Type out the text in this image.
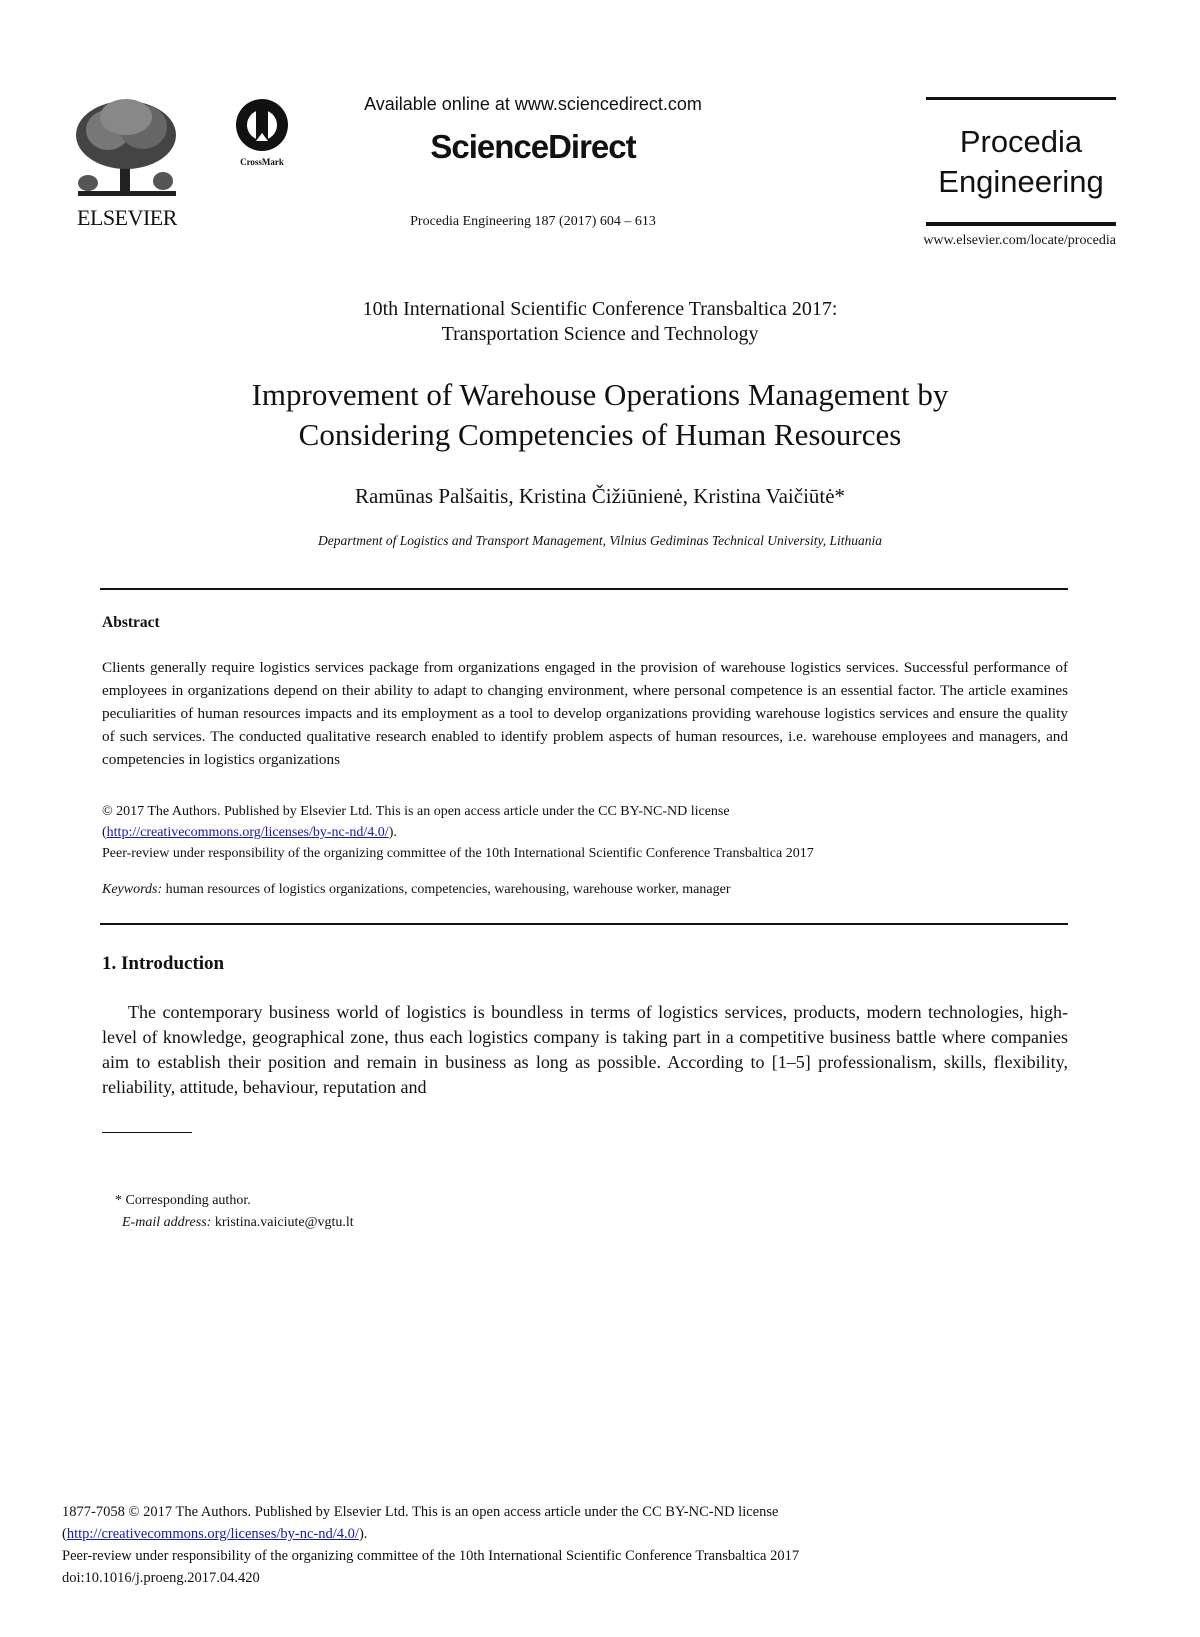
ELSEVIER
CrossMark
Available online at www.sciencedirect.com
ScienceDirect
Procedia Engineering 187 (2017) 604 – 613
Procedia
Engineering
www.elsevier.com/locate/procedia
10th International Scientific Conference Transbaltica 2017:
Transportation Science and Technology
Improvement of Warehouse Operations Management by
Considering Competencies of Human Resources
Ramūnas Palšaitis, Kristina Čižiūnienė, Kristina Vaičiūtė*
Department of Logistics and Transport Management, Vilnius Gediminas Technical University, Lithuania
Abstract
Clients generally require logistics services package from organizations engaged in the provision of warehouse logistics services. Successful performance of employees in organizations depend on their ability to adapt to changing environment, where personal competence is an essential factor. The article examines peculiarities of human resources impacts and its employment as a tool to develop organizations providing warehouse logistics services and ensure the quality of such services. The conducted qualitative research enabled to identify problem aspects of human resources, i.e. warehouse employees and managers, and competencies in logistics organizations
© 2017 The Authors. Published by Elsevier Ltd. This is an open access article under the CC BY-NC-ND license
(http://creativecommons.org/licenses/by-nc-nd/4.0/).
Peer-review under responsibility of the organizing committee of the 10th International Scientific Conference Transbaltica 2017
Keywords: human resources of logistics organizations, competencies, warehousing, warehouse worker, manager
1. Introduction
The contemporary business world of logistics is boundless in terms of logistics services, products, modern technologies, high-level of knowledge, geographical zone, thus each logistics company is taking part in a competitive business battle where companies aim to establish their position and remain in business as long as possible. According to [1–5] professionalism, skills, flexibility, reliability, attitude, behaviour, reputation and
* Corresponding author.
E-mail address: kristina.vaiciute@vgtu.lt
1877-7058 © 2017 The Authors. Published by Elsevier Ltd. This is an open access article under the CC BY-NC-ND license
(http://creativecommons.org/licenses/by-nc-nd/4.0/).
Peer-review under responsibility of the organizing committee of the 10th International Scientific Conference Transbaltica 2017
doi:10.1016/j.proeng.2017.04.420
